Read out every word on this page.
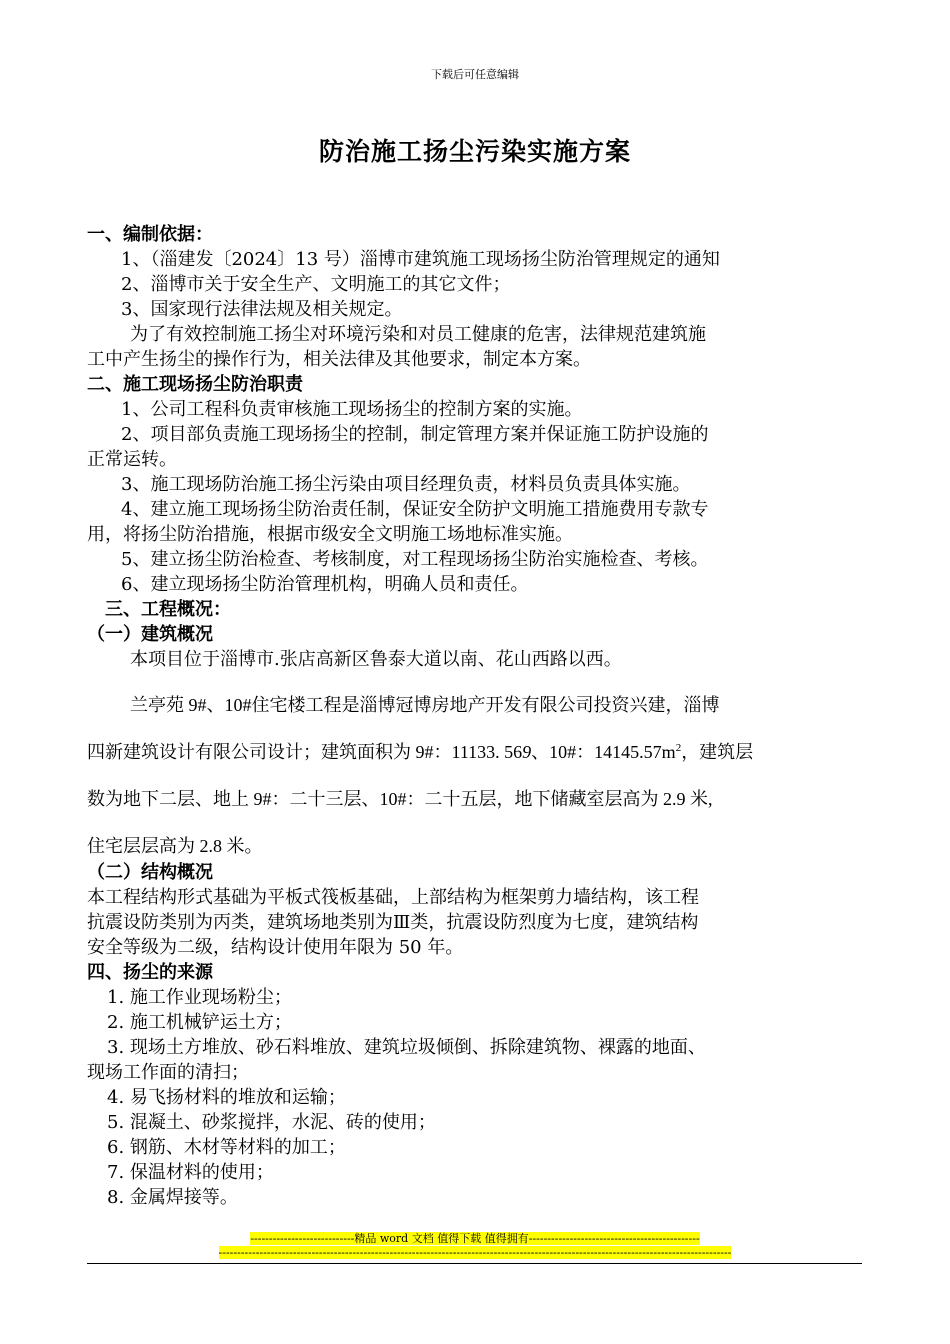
下载后可任意编辑
防治施工扬尘污染实施方案
一、编制依据：
1、（淄建发〔2024〕13 号）淄博市建筑施工现场扬尘防治管理规定的通知
2、淄博市关于安全生产、文明施工的其它文件；
3、国家现行法律法规及相关规定。
为了有效控制施工扬尘对环境污染和对员工健康的危害，法律规范建筑施
工中产生扬尘的操作行为，相关法律及其他要求，制定本方案。
二、施工现场扬尘防治职责
1、公司工程科负责审核施工现场扬尘的控制方案的实施。
2、项目部负责施工现场扬尘的控制，制定管理方案并保证施工防护设施的
正常运转。
3、施工现场防治施工扬尘污染由项目经理负责，材料员负责具体实施。
4、建立施工现场扬尘防治责任制，保证安全防护文明施工措施费用专款专
用，将扬尘防治措施，根据市级安全文明施工场地标准实施。
5、建立扬尘防治检查、考核制度，对工程现场扬尘防治实施检查、考核。
6、建立现场扬尘防治管理机构，明确人员和责任。
三、工程概况：
（一）建筑概况
本项目位于淄博市.张店高新区鲁泰大道以南、花山西路以西。
兰亭苑 9#、10#住宅楼工程是淄博冠博房地产开发有限公司投资兴建，淄博
四新建筑设计有限公司设计；建筑面积为 9#：11133. 569、10#：$14145.57m^2$，建筑层
数为地下二层、地上 9#：二十三层、10#：二十五层，地下储藏室层高为 2.9 米,
住宅层层高为 2.8 米。
（二）结构概况
本工程结构形式基础为平板式筏板基础，上部结构为框架剪力墙结构，该工程
抗震设防类别为丙类，建筑场地类别为Ⅲ类，抗震设防烈度为七度，建筑结构
安全等级为二级，结构设计使用年限为 50 年。
四、扬尘的来源
1. 施工作业现场粉尘；
2. 施工机械铲运土方；
3. 现场土方堆放、砂石料堆放、建筑垃圾倾倒、拆除建筑物、裸露的地面、
现场工作面的清扫；
4. 易飞扬材料的堆放和运输；
5. 混凝土、砂浆搅拌，水泥、砖的使用；
6. 钢筋、木材等材料的加工；
7. 保温材料的使用；
8. 金属焊接等。
----------------------------精品 word 文档 值得下载 值得拥有----------------------------------------------
------------------------------------------------------------------------------------------------------------------------------------------
